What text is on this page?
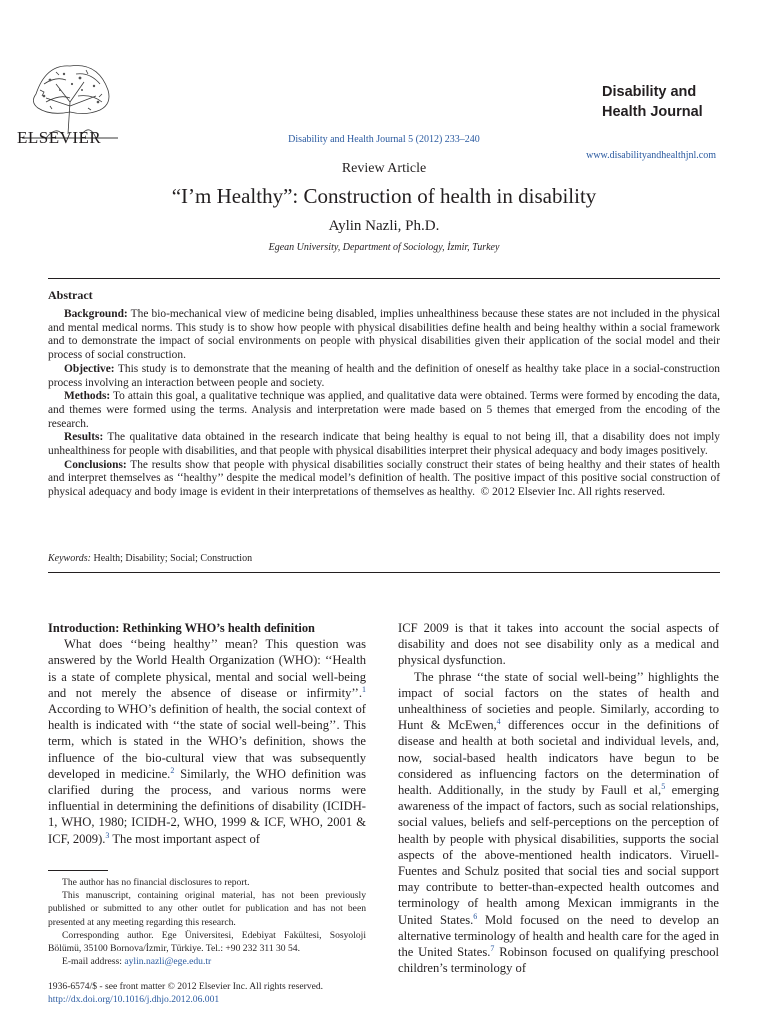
ELSEVIER	Disability and Health Journal 5 (2012) 233–240
Disability and
Health Journal
www.disabilityandhealthjnl.com
Review Article
“I’m Healthy”: Construction of health in disability
Aylin Nazli, Ph.D.
Egean University, Department of Sociology, İzmir, Turkey
Abstract

Background: The bio-mechanical view of medicine being disabled, implies unhealthiness because these states are not included in the physical and mental medical norms. This study is to show how people with physical disabilities define health and being healthy within a social framework and to demonstrate the impact of social environments on people with physical disabilities given their application of the social model and their process of social construction.

Objective: This study is to demonstrate that the meaning of health and the definition of oneself as healthy take place in a social-construction process involving an interaction between people and society.

Methods: To attain this goal, a qualitative technique was applied, and qualitative data were obtained. Terms were formed by encoding the data, and themes were formed using the terms. Analysis and interpretation were made based on 5 themes that emerged from the encoding of the research.

Results: The qualitative data obtained in the research indicate that being healthy is equal to not being ill, that a disability does not imply unhealthiness for people with disabilities, and that people with physical disabilities interpret their physical adequacy and body images positively.

Conclusions: The results show that people with physical disabilities socially construct their states of being healthy and their states of health and interpret themselves as ‘‘healthy’’ despite the medical model’s definition of health. The positive impact of this positive social construction of physical adequacy and body image is evident in their interpretations of themselves as healthy. © 2012 Elsevier Inc. All rights reserved.

Keywords: Health; Disability; Social; Construction

Introduction: Rethinking WHO’s health definition

What does ‘‘being healthy’’ mean? This question was answered by the World Health Organization (WHO): ‘‘Health is a state of complete physical, mental and social well-being and not merely the absence of disease or infirmity’’.$^1$ According to WHO’s definition of health, the social context of health is indicated with ‘‘the state of social well-being’’. This term, which is stated in the WHO’s definition, shows the influence of the bio-cultural view that was subsequently developed in medicine.$^2$ Similarly, the WHO definition was clarified during the process, and various norms were influential in determining the definitions of disability (ICIDH-1, WHO, 1980; ICIDH-2, WHO, 1999 & ICF, WHO, 2001 & ICF, 2009).$^3$ The most important aspect of

The author has no financial disclosures to report.

This manuscript, containing original material, has not been previously published or submitted to any other outlet for publication and has not been presented at any meeting regarding this research.

Corresponding author. Ege Üniversitesi, Edebiyat Fakültesi, Sosyoloji Bölümü, 35100 Bornova/İzmir, Türkiye. Tel.: +90 232 311 30 54.

E-mail address: aylin.nazli@ege.edu.tr

1936-6574/$ - see front matter © 2012 Elsevier Inc. All rights reserved.
http://dx.doi.org/10.1016/j.dhjo.2012.06.001

ICF 2009 is that it takes into account the social aspects of disability and does not see disability only as a medical and physical dysfunction.

The phrase ‘‘the state of social well-being’’ highlights the impact of social factors on the states of health and unhealthiness of societies and people. Similarly, according to Hunt & McEwen,$^4$ differences occur in the definitions of disease and health at both societal and individual levels, and, now, social-based health indicators have begun to be considered as influencing factors on the determination of health. Additionally, in the study by Faull et al,$^5$ emerging awareness of the impact of factors, such as social relationships, social values, beliefs and self-perceptions on the perception of health by people with physical disabilities, supports the social aspects of the above-mentioned health indicators. Viruell-Fuentes and Schulz posited that social ties and social support may contribute to better-than-expected health outcomes and terminology of health among Mexican immigrants in the United States.$^6$ Mold focused on the need to develop an alternative terminology of health and health care for the aged in the United States.$^7$ Robinson focused on qualifying preschool children’s terminology of
